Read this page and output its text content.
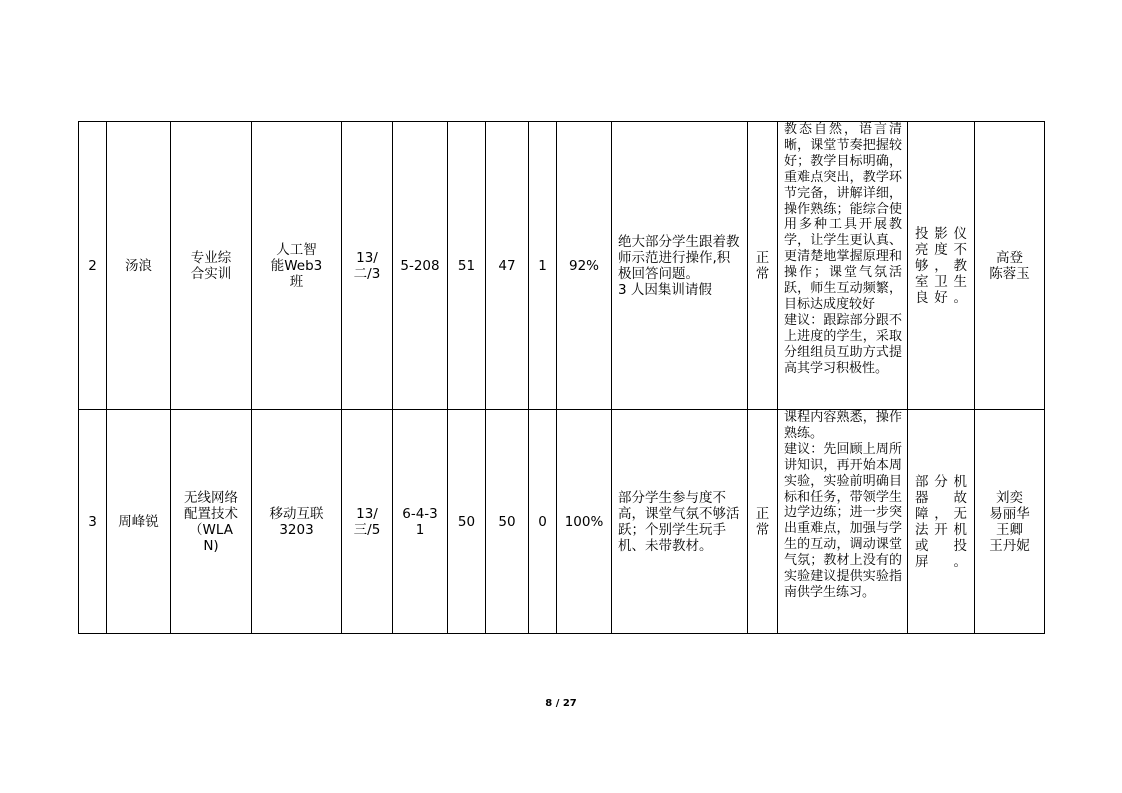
2	汤浪	专业综合实训	人工智能Web3 班	13/二/3	5-208	51	47	1	92%	绝大部分学生跟着教师示范进行操作,积极回答问题。
3 人因集训请假	正常	教态自然，语言清晰，课堂节奏把握较好；教学目标明确，重难点突出，教学环节完备，讲解详细，操作熟练；能综合使用多种工具开展教学，让学生更认真、更清楚地掌握原理和操作；课堂气氛活跃，师生互动频繁，目标达成度较好
建议：跟踪部分跟不上进度的学生，采取分组组员互助方式提高其学习积极性。	投影仪亮度不够，教室卫生良好。	高登
陈蓉玉
3	周峰锐	无线网络配置技术（WLAN)	移动互联3203	13/三/5	6-4-3 1	50	50	0	100%	部分学生参与度不高，课堂气氛不够活跃；个别学生玩手机、未带教材。	正常	课程内容熟悉，操作熟练。
建议：先回顾上周所讲知识，再开始本周实验，实验前明确目标和任务，带领学生边学边练；进一步突出重难点，加强与学生的互动，调动课堂气氛；教材上没有的实验建议提供实验指南供学生练习。	部分机器故障，无法开机或投屏。	刘奕
易丽华
王卿
王丹妮
8 / 27
